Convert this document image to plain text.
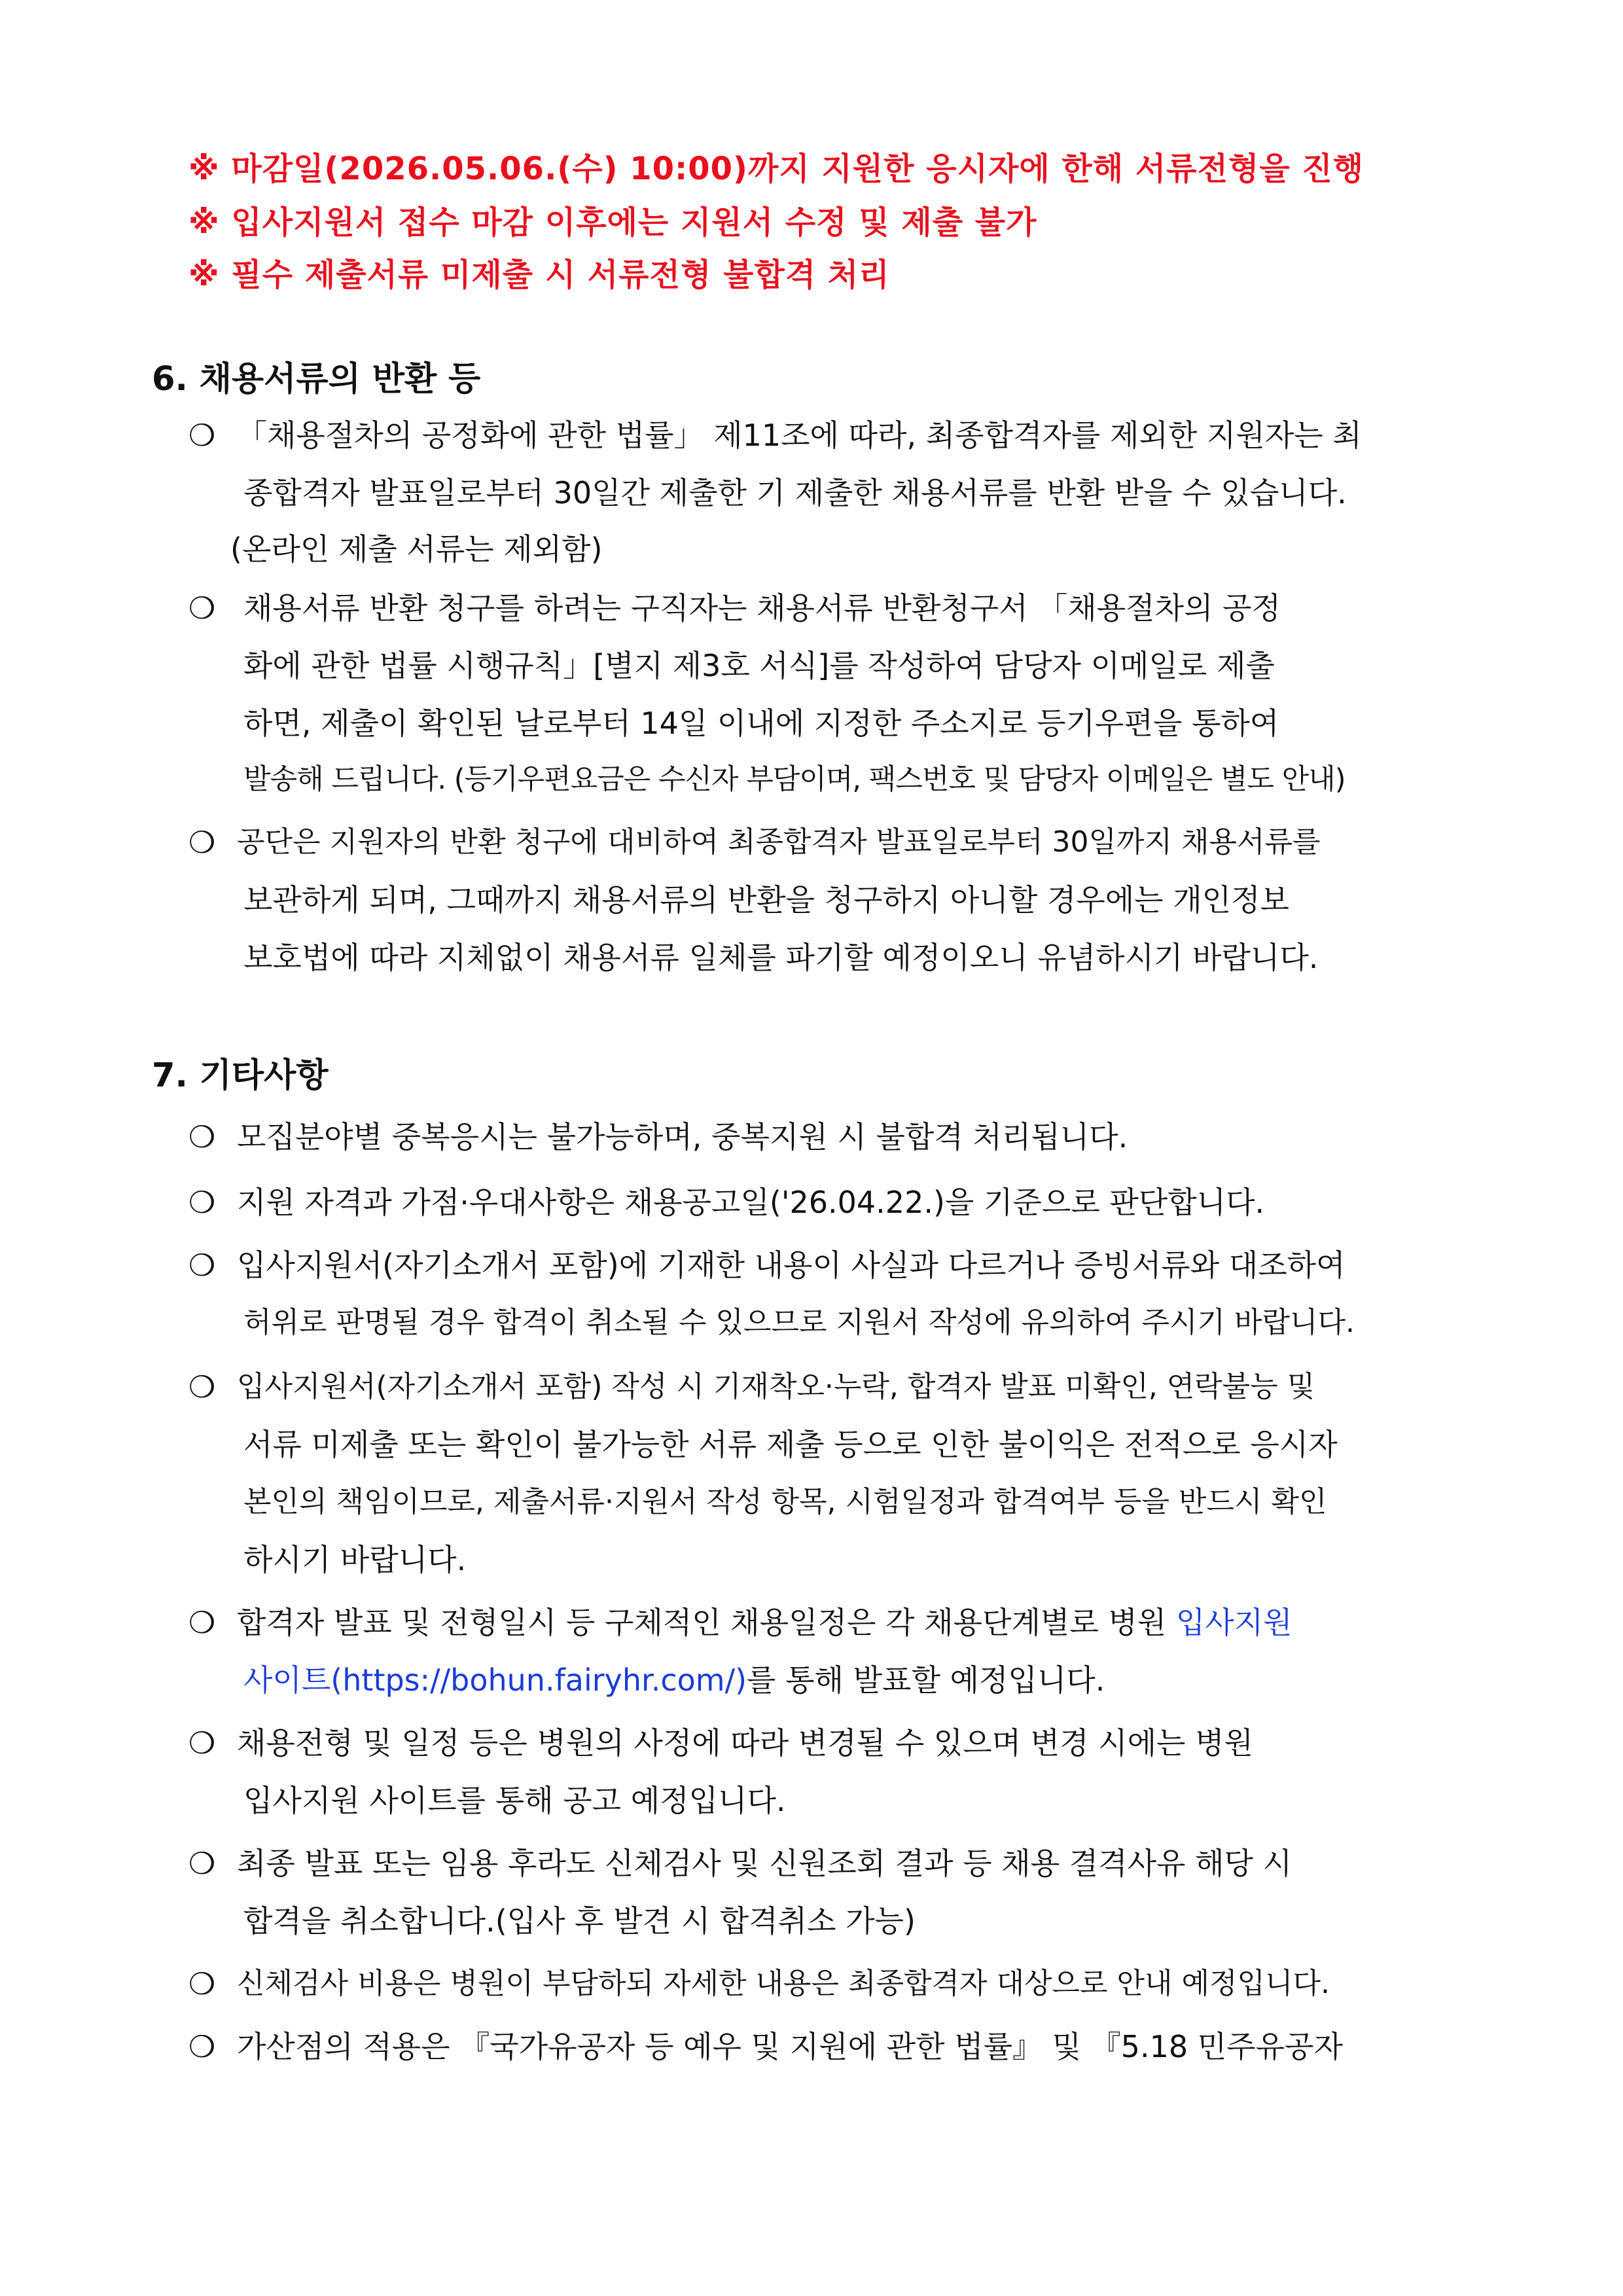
※ 마감일(2026.05.06.(수) 10:00)까지 지원한 응시자에 한해 서류전형을 진행
※ 입사지원서 접수 마감 이후에는 지원서 수정 및 제출 불가
※ 필수 제출서류 미제출 시 서류전형 불합격 처리
6. 채용서류의 반환 등
❍ 「채용절차의 공정화에 관한 법률」 제11조에 따라, 최종합격자를 제외한 지원자는 최
종합격자 발표일로부터 30일간 제출한 기 제출한 채용서류를 반환 받을 수 있습니다.
(온라인 제출 서류는 제외함)
❍ 채용서류 반환 청구를 하려는 구직자는 채용서류 반환청구서 「채용절차의 공정
화에 관한 법률 시행규칙」[별지 제3호 서식]를 작성하여 담당자 이메일로 제출
하면, 제출이 확인된 날로부터 14일 이내에 지정한 주소지로 등기우편을 통하여
발송해 드립니다. (등기우편요금은 수신자 부담이며, 팩스번호 및 담당자 이메일은 별도 안내)
❍ 공단은 지원자의 반환 청구에 대비하여 최종합격자 발표일로부터 30일까지 채용서류를
보관하게 되며, 그때까지 채용서류의 반환을 청구하지 아니할 경우에는 개인정보
보호법에 따라 지체없이 채용서류 일체를 파기할 예정이오니 유념하시기 바랍니다.
7. 기타사항
❍ 모집분야별 중복응시는 불가능하며, 중복지원 시 불합격 처리됩니다.
❍ 지원 자격과 가점·우대사항은 채용공고일('26.04.22.)을 기준으로 판단합니다.
❍ 입사지원서(자기소개서 포함)에 기재한 내용이 사실과 다르거나 증빙서류와 대조하여
허위로 판명될 경우 합격이 취소될 수 있으므로 지원서 작성에 유의하여 주시기 바랍니다.
❍ 입사지원서(자기소개서 포함) 작성 시 기재착오·누락, 합격자 발표 미확인, 연락불능 및
서류 미제출 또는 확인이 불가능한 서류 제출 등으로 인한 불이익은 전적으로 응시자
본인의 책임이므로, 제출서류·지원서 작성 항목, 시험일정과 합격여부 등을 반드시 확인
하시기 바랍니다.
❍ 합격자 발표 및 전형일시 등 구체적인 채용일정은 각 채용단계별로 병원 입사지원
사이트(https://bohun.fairyhr.com/)를 통해 발표할 예정입니다.
❍ 채용전형 및 일정 등은 병원의 사정에 따라 변경될 수 있으며 변경 시에는 병원
입사지원 사이트를 통해 공고 예정입니다.
❍ 최종 발표 또는 임용 후라도 신체검사 및 신원조회 결과 등 채용 결격사유 해당 시
합격을 취소합니다.(입사 후 발견 시 합격취소 가능)
❍ 신체검사 비용은 병원이 부담하되 자세한 내용은 최종합격자 대상으로 안내 예정입니다.
❍ 가산점의 적용은 『국가유공자 등 예우 및 지원에 관한 법률』 및 『5.18 민주유공자
